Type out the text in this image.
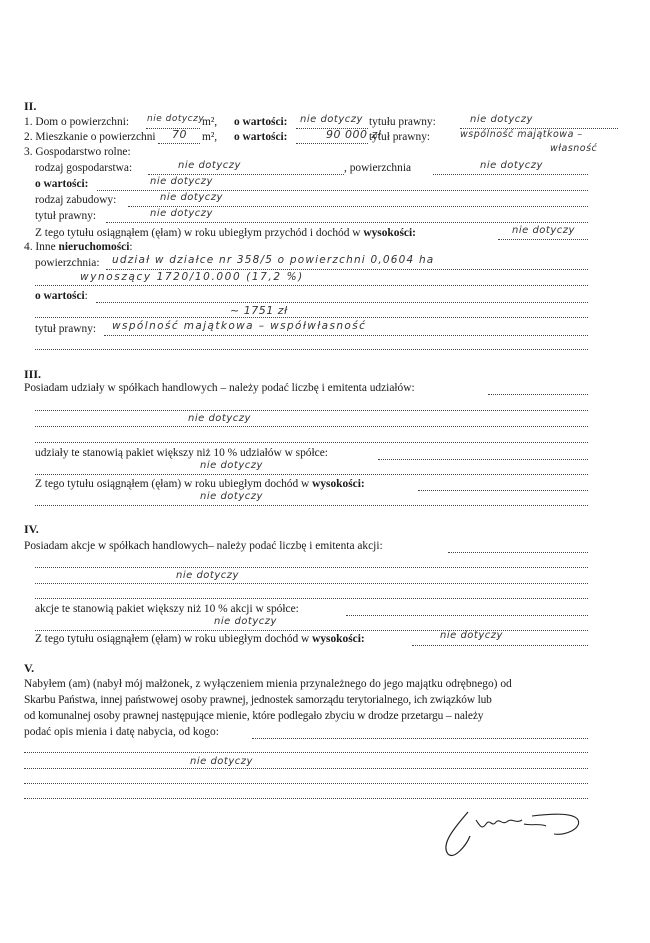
II.
1. Dom o powierzchni: nie dotyczy
m², o wartości: nie dotyczy tytułu prawny:	nie dotyczy
2. Mieszkanie o powierzchni 70 m², o wartości:	90 000 zł
tytuł prawny:	wspólność majątkowa –
własność
3. Gospodarstwo rolne:
rodzaj gospodarstwa:	nie dotyczy	, powierzchnia	nie dotyczy
o wartości:	nie dotyczy
rodzaj zabudowy:	nie dotyczy
tytuł prawny:	nie dotyczy
Z tego tytułu osiągnąłem (ęłam) w roku ubiegłym przychód i dochód w wysokości:	nie dotyczy
4. Inne nieruchomości:
powierzchnia: udział w działce nr 358/5 o powierzchni 0,0604 ha
wynoszący 1720/10.000 (17,2 %)
o wartości:
~ 1751 zł
tytuł prawny: wspólność majątkowa – współwłasność
III.
Posiadam udziały w spółkach handlowych – należy podać liczbę i emitenta udziałów:
nie dotyczy
udziały te stanowią pakiet większy niż 10 % udziałów w spółce:
nie dotyczy
Z tego tytułu osiągnąłem (ęłam) w roku ubiegłym dochód w wysokości:
nie dotyczy
IV.
Posiadam akcje w spółkach handlowych– należy podać liczbę i emitenta akcji:
nie dotyczy
akcje te stanowią pakiet większy niż 10 % akcji w spółce:
nie dotyczy
Z tego tytułu osiągnąłem (ęłam) w roku ubiegłym dochód w wysokości:	nie dotyczy
V.
Nabyłem (am) (nabył mój małżonek, z wyłączeniem mienia przynależnego do jego majątku odrębnego) od
Skarbu Państwa, innej państwowej osoby prawnej, jednostek samorządu terytorialnego, ich związków lub
od komunalnej osoby prawnej następujące mienie, które podlegało zbyciu w drodze przetargu – należy
podać opis mienia i datę nabycia, od kogo:
nie dotyczy
